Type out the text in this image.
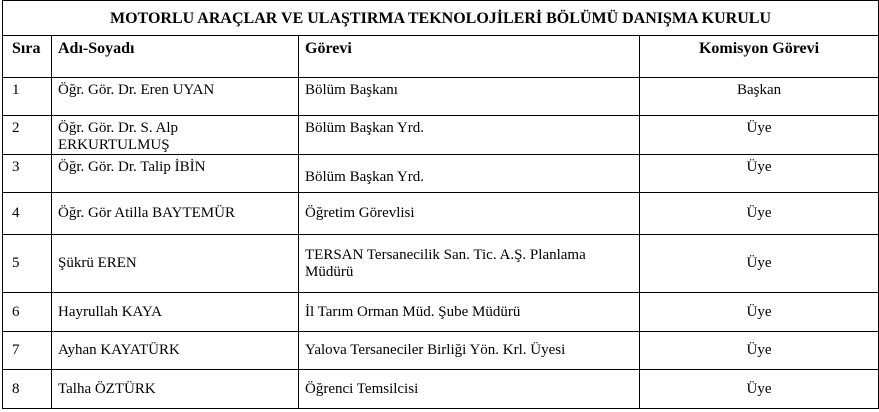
MOTORLU ARAÇLAR VE ULAŞTIRMA TEKNOLOJİLERİ BÖLÜMÜ DANIŞMA KURULU			
Sıra	Adı-Soyadı	Görevi	Komisyon Görevi
1	Öğr. Gör. Dr. Eren UYAN	Bölüm Başkanı	Başkan
2	Öğr. Gör. Dr. S. Alp ERKURTULMUŞ	Bölüm Başkan Yrd.	Üye
3	Öğr. Gör. Dr. Talip İBİN	Bölüm Başkan Yrd.	Üye
4	Öğr. Gör Atilla BAYTEMÜR	Öğretim Görevlisi	Üye
5	Şükrü EREN	TERSAN Tersanecilik San. Tic. A.Ş. Planlama Müdürü	Üye
6	Hayrullah KAYA	İl Tarım Orman Müd. Şube Müdürü	Üye
7	Ayhan KAYATÜRK	Yalova Tersaneciler Birliği Yön. Krl. Üyesi	Üye
8	Talha ÖZTÜRK	Öğrenci Temsilcisi	Üye
